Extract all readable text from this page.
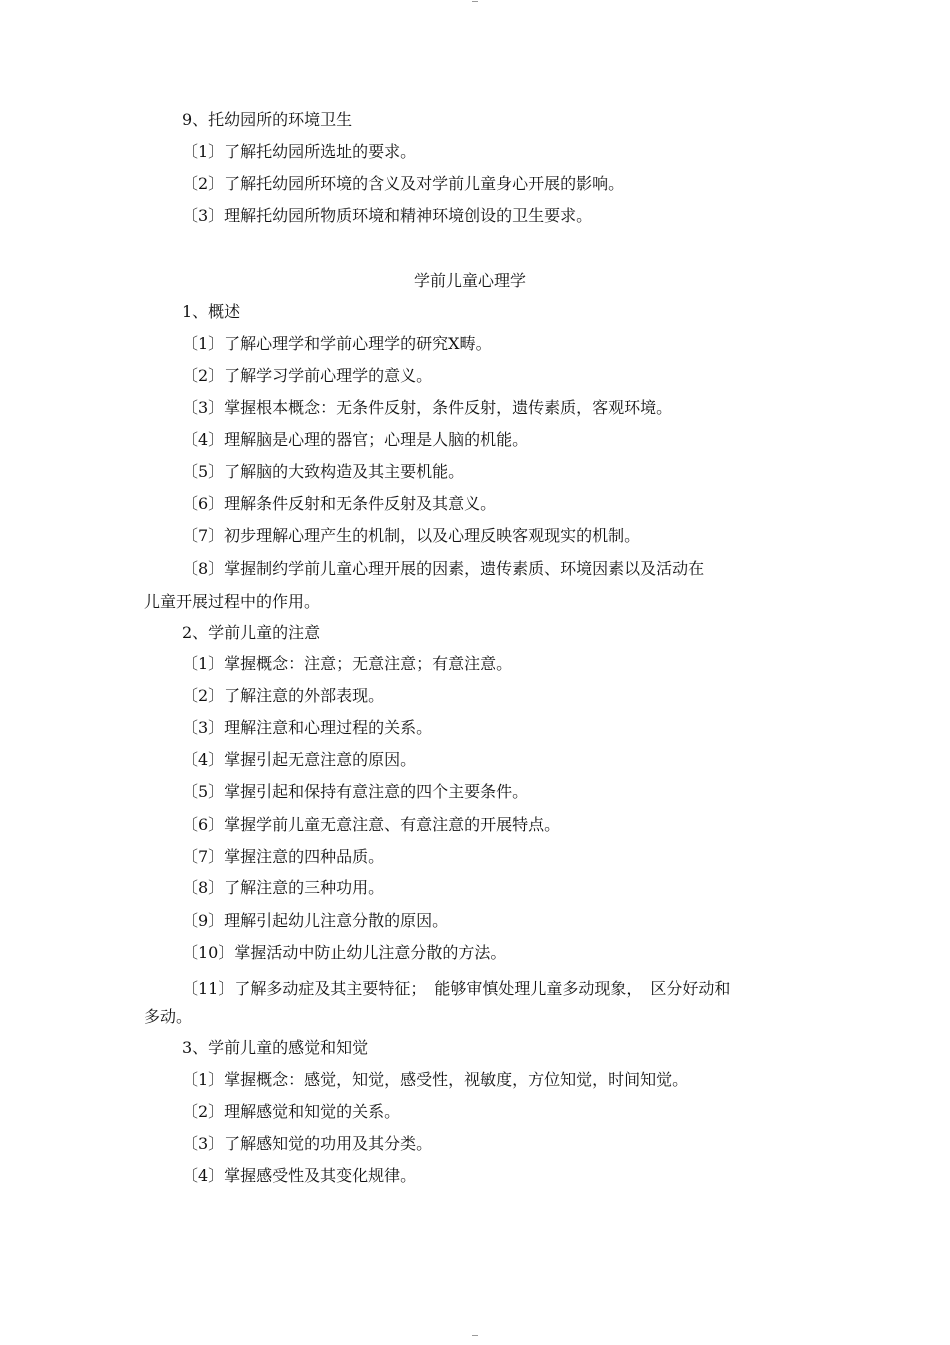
9、托幼园所的环境卫生
〔1〕了解托幼园所选址的要求。
〔2〕了解托幼园所环境的含义及对学前儿童身心开展的影响。
〔3〕理解托幼园所物质环境和精神环境创设的卫生要求。
学前儿童心理学
1、概述
〔1〕了解心理学和学前心理学的研究X畴。
〔2〕了解学习学前心理学的意义。
〔3〕掌握根本概念：无条件反射，条件反射，遗传素质，客观环境。
〔4〕理解脑是心理的器官；心理是人脑的机能。
〔5〕了解脑的大致构造及其主要机能。
〔6〕理解条件反射和无条件反射及其意义。
〔7〕初步理解心理产生的机制，以及心理反映客观现实的机制。
〔8〕掌握制约学前儿童心理开展的因素，遗传素质、环境因素以及活动在
儿童开展过程中的作用。
2、学前儿童的注意
〔1〕掌握概念：注意；无意注意；有意注意。
〔2〕了解注意的外部表现。
〔3〕理解注意和心理过程的关系。
〔4〕掌握引起无意注意的原因。
〔5〕掌握引起和保持有意注意的四个主要条件。
〔6〕掌握学前儿童无意注意、有意注意的开展特点。
〔7〕掌握注意的四种品质。
〔8〕了解注意的三种功用。
〔9〕理解引起幼儿注意分散的原因。
〔10〕掌握活动中防止幼儿注意分散的方法。
〔11〕了解多动症及其主要特征；　能够审慎处理儿童多动现象，　区分好动和
多动。
3、学前儿童的感觉和知觉
〔1〕掌握概念：感觉，知觉，感受性，视敏度，方位知觉，时间知觉。
〔2〕理解感觉和知觉的关系。
〔3〕了解感知觉的功用及其分类。
〔4〕掌握感受性及其变化规律。
